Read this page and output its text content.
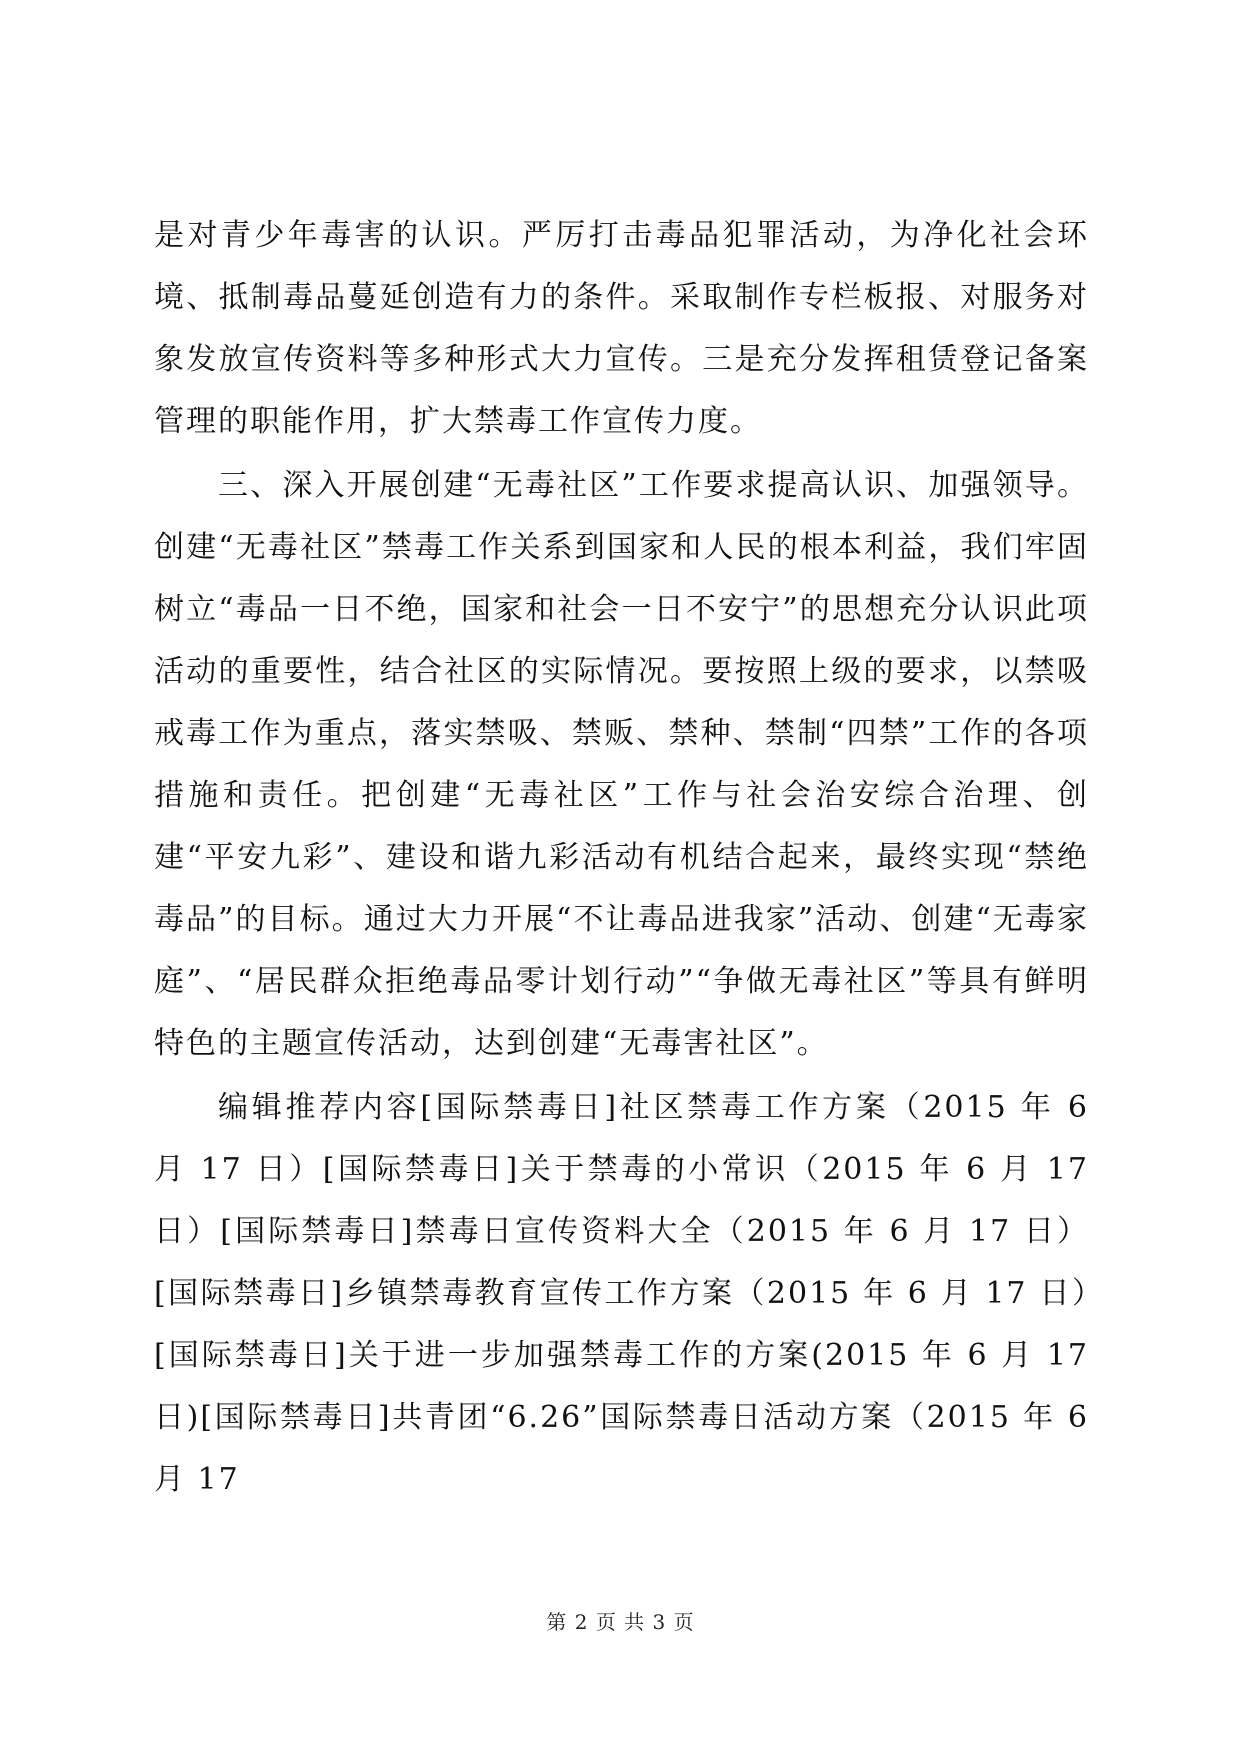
是对青少年毒害的认识。严厉打击毒品犯罪活动，为净化社会环境、抵制毒品蔓延创造有力的条件。采取制作专栏板报、对服务对象发放宣传资料等多种形式大力宣传。三是充分发挥租赁登记备案管理的职能作用，扩大禁毒工作宣传力度。

三、深入开展创建“无毒社区”工作要求提高认识、加强领导。创建“无毒社区”禁毒工作关系到国家和人民的根本利益，我们牢固树立“毒品一日不绝，国家和社会一日不安宁”的思想充分认识此项活动的重要性，结合社区的实际情况。要按照上级的要求，以禁吸戒毒工作为重点，落实禁吸、禁贩、禁种、禁制“四禁”工作的各项措施和责任。把创建“无毒社区”工作与社会治安综合治理、创建“平安九彩”、建设和谐九彩活动有机结合起来，最终实现“禁绝毒品”的目标。通过大力开展“不让毒品进我家”活动、创建“无毒家庭”、“居民群众拒绝毒品零计划行动”“争做无毒社区”等具有鲜明特色的主题宣传活动，达到创建“无毒害社区”。

编辑推荐内容[国际禁毒日]社区禁毒工作方案（2015 年 6 月 17 日）[国际禁毒日]关于禁毒的小常识（2015 年 6 月 17 日）[国际禁毒日]禁毒日宣传资料大全（2015 年 6 月 17 日）[国际禁毒日]乡镇禁毒教育宣传工作方案（2015 年 6 月 17 日）[国际禁毒日]关于进一步加强禁毒工作的方案(2015 年 6 月 17 日)[国际禁毒日]共青团“6.26”国际禁毒日活动方案（2015 年 6 月 17

第 2 页 共 3 页
